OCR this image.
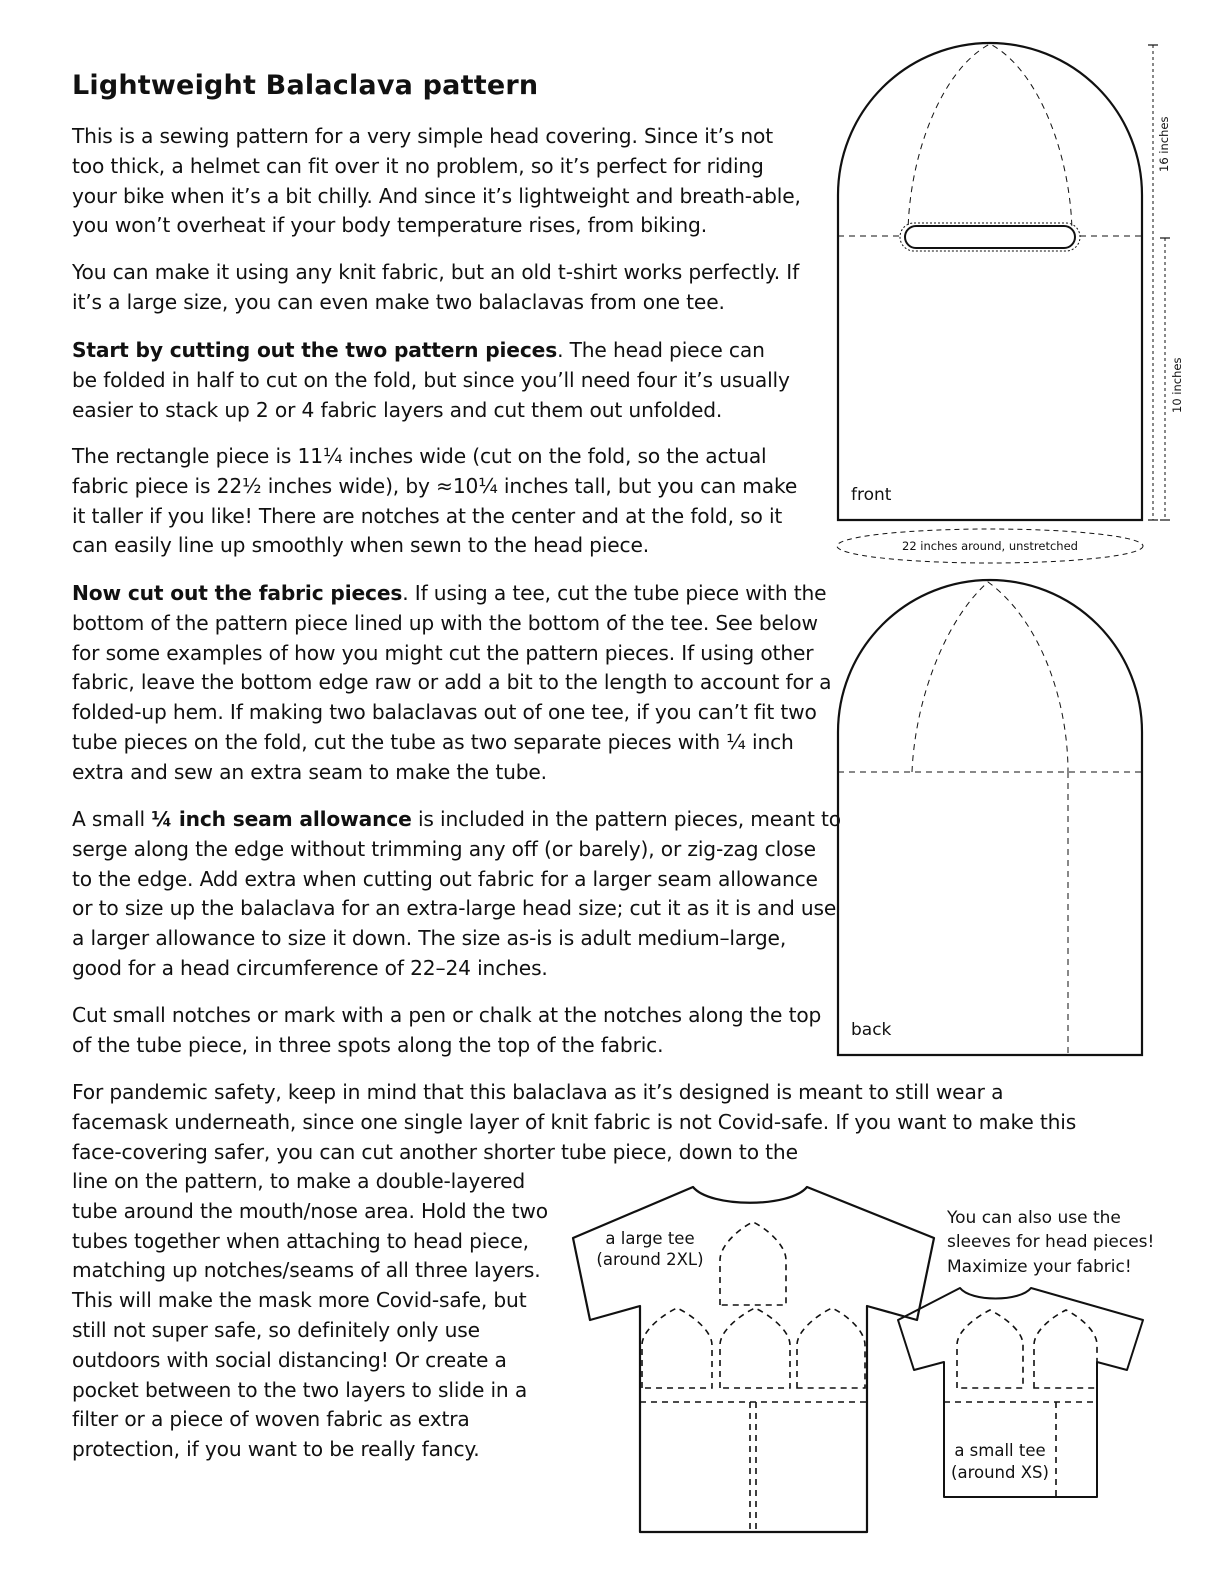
Lightweight Balaclava pattern

This is a sewing pattern for a very simple head covering. Since it’s not too thick, a helmet can fit over it no problem, so it’s perfect for riding your bike when it’s a bit chilly. And since it’s lightweight and breath-able, you won’t overheat if your body temperature rises, from biking.

You can make it using any knit fabric, but an old t-shirt works perfectly. If it’s a large size, you can even make two balaclavas from one tee.

Start by cutting out the two pattern pieces. The head piece can be folded in half to cut on the fold, but since you’ll need four it’s usually easier to stack up 2 or 4 fabric layers and cut them out unfolded.

The rectangle piece is 11¼ inches wide (cut on the fold, so the actual fabric piece is 22½ inches wide), by ≈10¼ inches tall, but you can make it taller if you like! There are notches at the center and at the fold, so it can easily line up smoothly when sewn to the head piece.

Now cut out the fabric pieces. If using a tee, cut the tube piece with the bottom of the pattern piece lined up with the bottom of the tee. See below for some examples of how you might cut the pattern pieces. If using other fabric, leave the bottom edge raw or add a bit to the length to account for a folded-up hem. If making two balaclavas out of one tee, if you can’t fit two tube pieces on the fold, cut the tube as two separate pieces with ¼ inch extra and sew an extra seam to make the tube.

A small ¼ inch seam allowance is included in the pattern pieces, meant to serge along the edge without trimming any off (or barely), or zig-zag close to the edge. Add extra when cutting out fabric for a larger seam allowance or to size up the balaclava for an extra-large head size; cut it as it is and use a larger allowance to size it down. The size as-is is adult medium–large, good for a head circumference of 22–24 inches.

Cut small notches or mark with a pen or chalk at the notches along the top of the tube piece, in three spots along the top of the fabric.

For pandemic safety, keep in mind that this balaclava as it’s designed is meant to still wear a facemask underneath, since one single layer of knit fabric is not Covid-safe. If you want to make this face-covering safer, you can cut another shorter tube piece, down to the

line on the pattern, to make a double-layered tube around the mouth/nose area. Hold the two tubes together when attaching to head piece, matching up notches/seams of all three layers. This will make the mask more Covid-safe, but still not super safe, so definitely only use outdoors with social distancing! Or create a pocket between to the two layers to slide in a filter or a piece of woven fabric as extra protection, if you want to be really fancy.

front
16 inches
10 inches
22 inches around, unstretched
back
a large tee
(around 2XL)
You can also use the
sleeves for head pieces!
Maximize your fabric!
a small tee
(around XS)
